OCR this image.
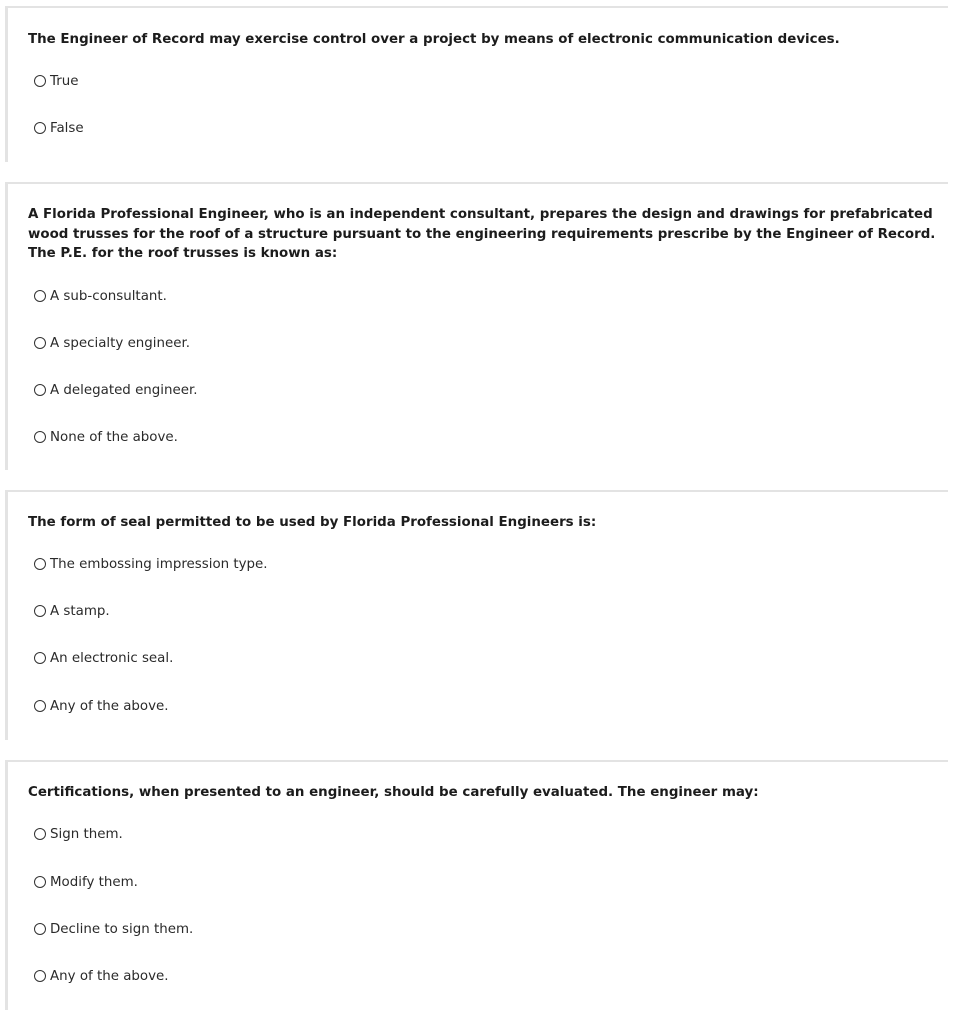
The Engineer of Record may exercise control over a project by means of electronic communication devices.

True
False

A Florida Professional Engineer, who is an independent consultant, prepares the design and drawings for prefabricated wood trusses for the roof of a structure pursuant to the engineering requirements prescribe by the Engineer of Record. The P.E. for the roof trusses is known as:

A sub-consultant.
A specialty engineer.
A delegated engineer.
None of the above.

The form of seal permitted to be used by Florida Professional Engineers is:

The embossing impression type.
A stamp.
An electronic seal.
Any of the above.

Certifications, when presented to an engineer, should be carefully evaluated. The engineer may:

Sign them.
Modify them.
Decline to sign them.
Any of the above.
